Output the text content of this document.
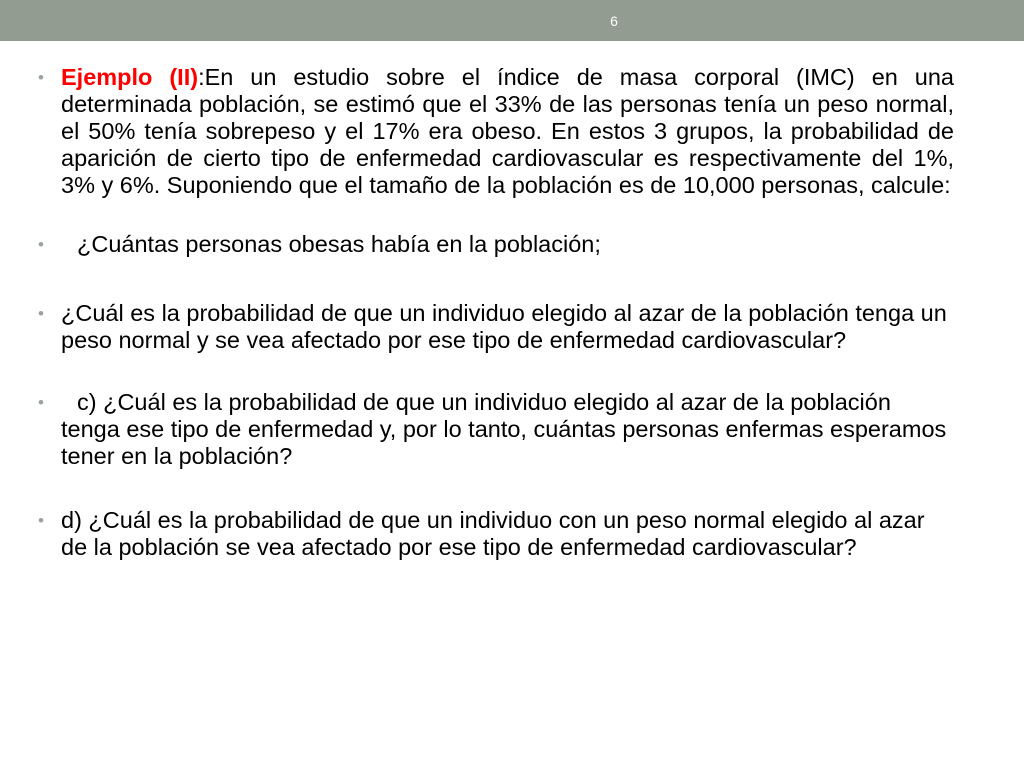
6
• Ejemplo (II):En un estudio sobre el índice de masa corporal (IMC) en una determinada población, se estimó que el 33% de las personas tenía un peso normal, el 50% tenía sobrepeso y el 17% era obeso. En estos 3 grupos, la probabilidad de aparición de cierto tipo de enfermedad cardiovascular es respectivamente del 1%, 3% y 6%. Suponiendo que el tamaño de la población es de 10,000 personas, calcule:
• ¿Cuántas personas obesas había en la población;
• ¿Cuál es la probabilidad de que un individuo elegido al azar de la población tenga un peso normal y se vea afectado por ese tipo de enfermedad cardiovascular?
• c) ¿Cuál es la probabilidad de que un individuo elegido al azar de la población tenga ese tipo de enfermedad y, por lo tanto, cuántas personas enfermas esperamos tener en la población?
• d) ¿Cuál es la probabilidad de que un individuo con un peso normal elegido al azar de la población se vea afectado por ese tipo de enfermedad cardiovascular?
